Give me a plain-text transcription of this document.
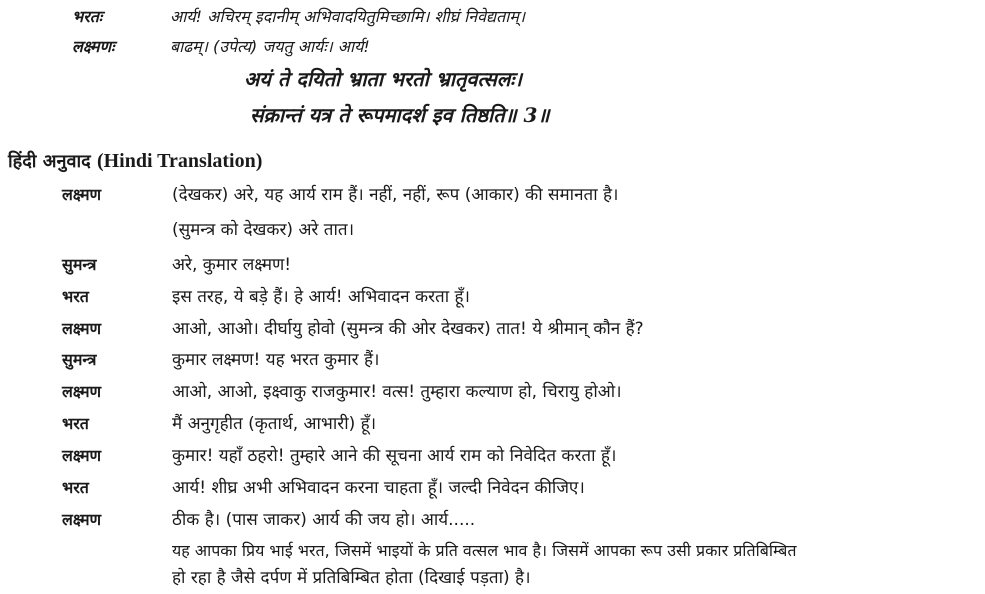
भरतः	आर्य! अचिरम् इदानीम् अभिवादयितुमिच्छामि। शीघ्रं निवेद्यताम्।
लक्ष्मणः	बाढम्। (उपेत्य) जयतु आर्यः। आर्य!
अयं ते दयितो भ्राता भरतो भ्रातृवत्सलः।
संक्रान्तं यत्र ते रूपमादर्श इव तिष्ठति॥ 3॥
हिंदी अनुवाद (Hindi Translation)
लक्ष्मण	(देखकर) अरे, यह आर्य राम हैं। नहीं, नहीं, रूप (आकार) की समानता है।
(सुमन्त्र को देखकर) अरे तात।
सुमन्त्र	अरे, कुमार लक्ष्मण!
भरत	इस तरह, ये बड़े हैं। हे आर्य! अभिवादन करता हूँ।
लक्ष्मण	आओ, आओ। दीर्घायु होवो (सुमन्त्र की ओर देखकर) तात! ये श्रीमान् कौन हैं?
सुमन्त्र	कुमार लक्ष्मण! यह भरत कुमार हैं।
लक्ष्मण	आओ, आओ, इक्ष्वाकु राजकुमार! वत्स! तुम्हारा कल्याण हो, चिरायु होओ।
भरत	मैं अनुगृहीत (कृतार्थ, आभारी) हूँ।
लक्ष्मण	कुमार! यहाँ ठहरो! तुम्हारे आने की सूचना आर्य राम को निवेदित करता हूँ।
भरत	आर्य! शीघ्र अभी अभिवादन करना चाहता हूँ। जल्दी निवेदन कीजिए।
लक्ष्मण	ठीक है। (पास जाकर) आर्य की जय हो। आर्य.....
यह आपका प्रिय भाई भरत, जिसमें भाइयों के प्रति वत्सल भाव है। जिसमें आपका रूप उसी प्रकार प्रतिबिम्बित
हो रहा है जैसे दर्पण में प्रतिबिम्बित होता (दिखाई पड़ता) है।
